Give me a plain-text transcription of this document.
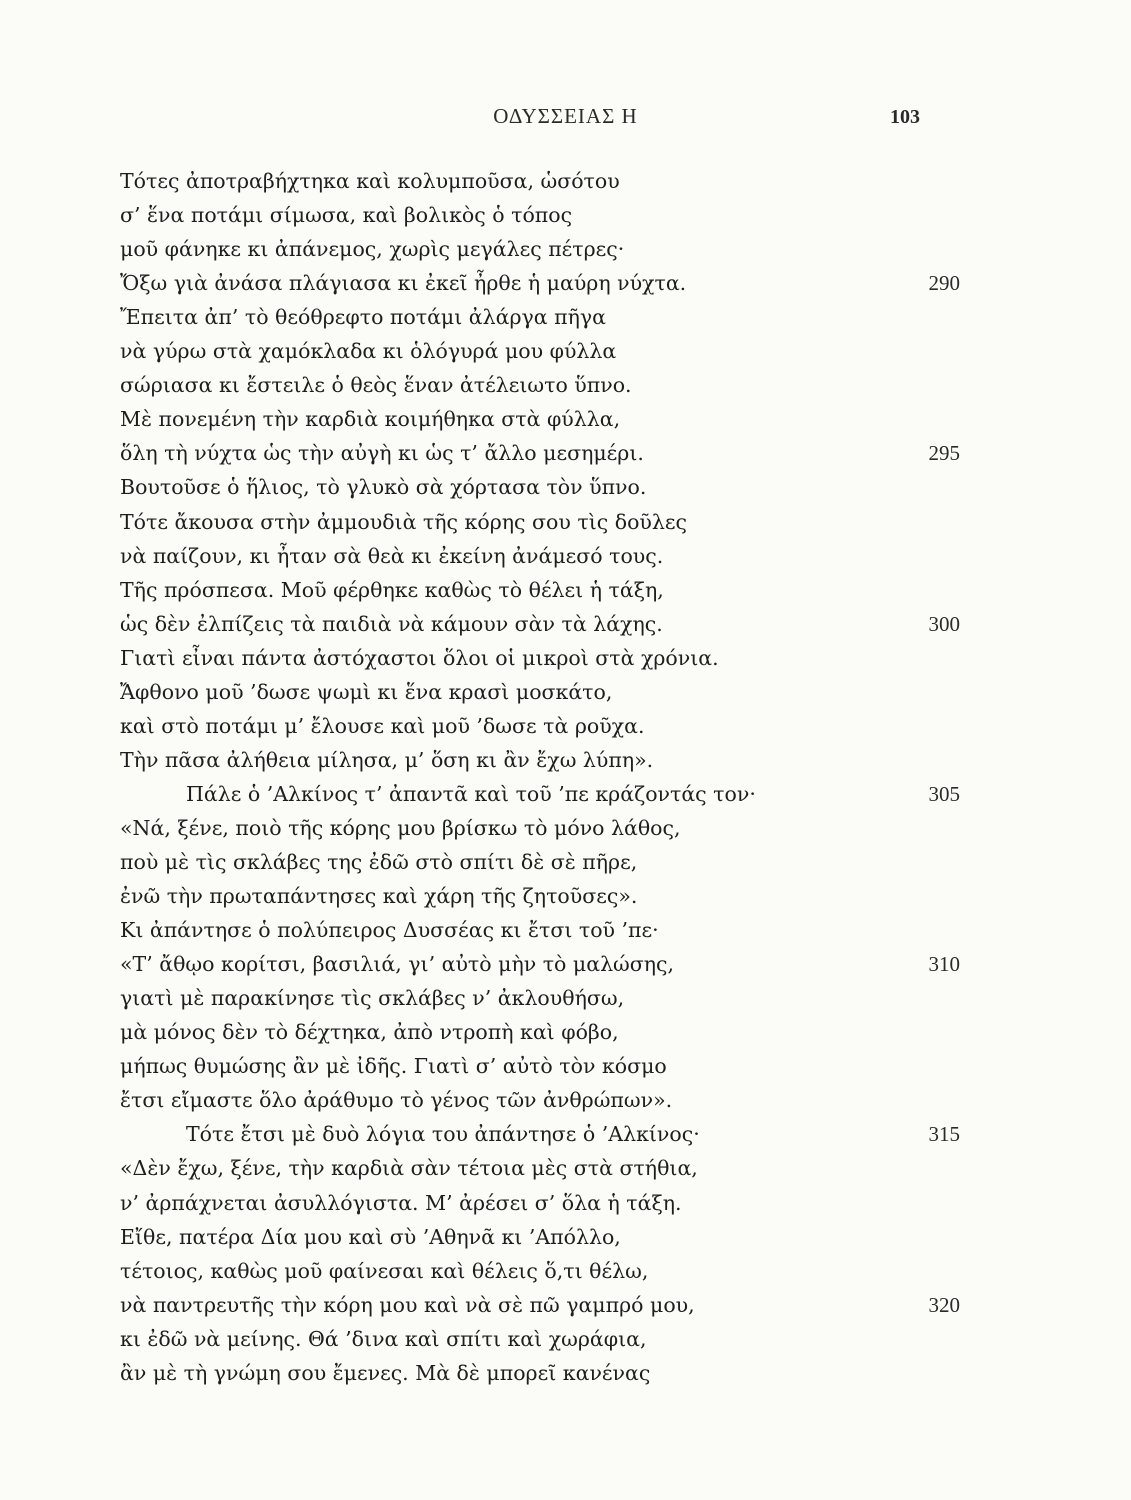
ΟΔΥΣΣΕΙΑΣ Η	103
Τότες ἀποτραβήχτηκα καὶ κολυμποῦσα, ὡσότου
σ’ ἕνα ποτάμι σίμωσα, καὶ βολικὸς ὁ τόπος
μοῦ φάνηκε κι ἀπάνεμος, χωρὶς μεγάλες πέτρες·
Ὄξω γιὰ ἀνάσα πλάγιασα κι ἐκεῖ ἦρθε ἡ μαύρη νύχτα.
Ἔπειτα ἀπ’ τὸ θεόθρεφτο ποτάμι ἀλάργα πῆγα
νὰ γύρω στὰ χαμόκλαδα κι ὁλόγυρά μου φύλλα
σώριασα κι ἔστειλε ὁ θεὸς ἕναν ἀτέλειωτο ὕπνο.
Μὲ πονεμένη τὴν καρδιὰ κοιμήθηκα στὰ φύλλα,
ὅλη τὴ νύχτα ὡς τὴν αὐγὴ κι ὡς τ’ ἄλλο μεσημέρι.
Βουτοῦσε ὁ ἥλιος, τὸ γλυκὸ σὰ χόρτασα τὸν ὕπνο.
Τότε ἄκουσα στὴν ἀμμουδιὰ τῆς κόρης σου τὶς δοῦλες
νὰ παίζουν, κι ἦταν σὰ θεὰ κι ἐκείνη ἀνάμεσό τους.
Τῆς πρόσπεσα. Μοῦ φέρθηκε καθὼς τὸ θέλει ἡ τάξη,
ὡς δὲν ἐλπίζεις τὰ παιδιὰ νὰ κάμουν σὰν τὰ λάχης.
Γιατὶ εἶναι πάντα ἀστόχαστοι ὅλοι οἱ μικροὶ στὰ χρόνια.
Ἄφθονο μοῦ ’δωσε ψωμὶ κι ἕνα κρασὶ μοσκάτο,
καὶ στὸ ποτάμι μ’ ἔλουσε καὶ μοῦ ’δωσε τὰ ροῦχα.
Τὴν πᾶσα ἀλήθεια μίλησα, μ’ ὅση κι ἂν ἔχω λύπη».
Πάλε ὁ ’Αλκίνος τ’ ἀπαντᾶ καὶ τοῦ ’πε κράζοντάς τον·
«Νά, ξένε, ποιὸ τῆς κόρης μου βρίσκω τὸ μόνο λάθος,
ποὺ μὲ τὶς σκλάβες της ἐδῶ στὸ σπίτι δὲ σὲ πῆρε,
ἐνῶ τὴν πρωταπάντησες καὶ χάρη τῆς ζητοῦσες».
Κι ἀπάντησε ὁ πολύπειρος Δυσσέας κι ἔτσι τοῦ ’πε·
«Τ’ ἄθῳο κορίτσι, βασιλιά, γι’ αὐτὸ μὴν τὸ μαλώσης,
γιατὶ μὲ παρακίνησε τὶς σκλάβες ν’ ἀκλουθήσω,
μὰ μόνος δὲν τὸ δέχτηκα, ἀπὸ ντροπὴ καὶ φόβο,
μήπως θυμώσης ἂν μὲ ἰδῆς. Γιατὶ σ’ αὐτὸ τὸν κόσμο
ἔτσι εἴμαστε ὅλο ἀράθυμο τὸ γένος τῶν ἀνθρώπων».
Τότε ἔτσι μὲ δυὸ λόγια του ἀπάντησε ὁ ’Αλκίνος·
«Δὲν ἔχω, ξένε, τὴν καρδιὰ σὰν τέτοια μὲς στὰ στήθια,
ν’ ἀρπάχνεται ἀσυλλόγιστα. Μ’ ἀρέσει σ’ ὅλα ἡ τάξη.
Εἴθε, πατέρα Δία μου καὶ σὺ ’Αθηνᾶ κι ’Απόλλο,
τέτοιος, καθὼς μοῦ φαίνεσαι καὶ θέλεις ὅ,τι θέλω,
νὰ παντρευτῆς τὴν κόρη μου καὶ νὰ σὲ πῶ γαμπρό μου,
κι ἐδῶ νὰ μείνης. Θά ’δινα καὶ σπίτι καὶ χωράφια,
ἂν μὲ τὴ γνώμη σου ἔμενες. Μὰ δὲ μπορεῖ κανένας
290
295
300
305
310
315
320
